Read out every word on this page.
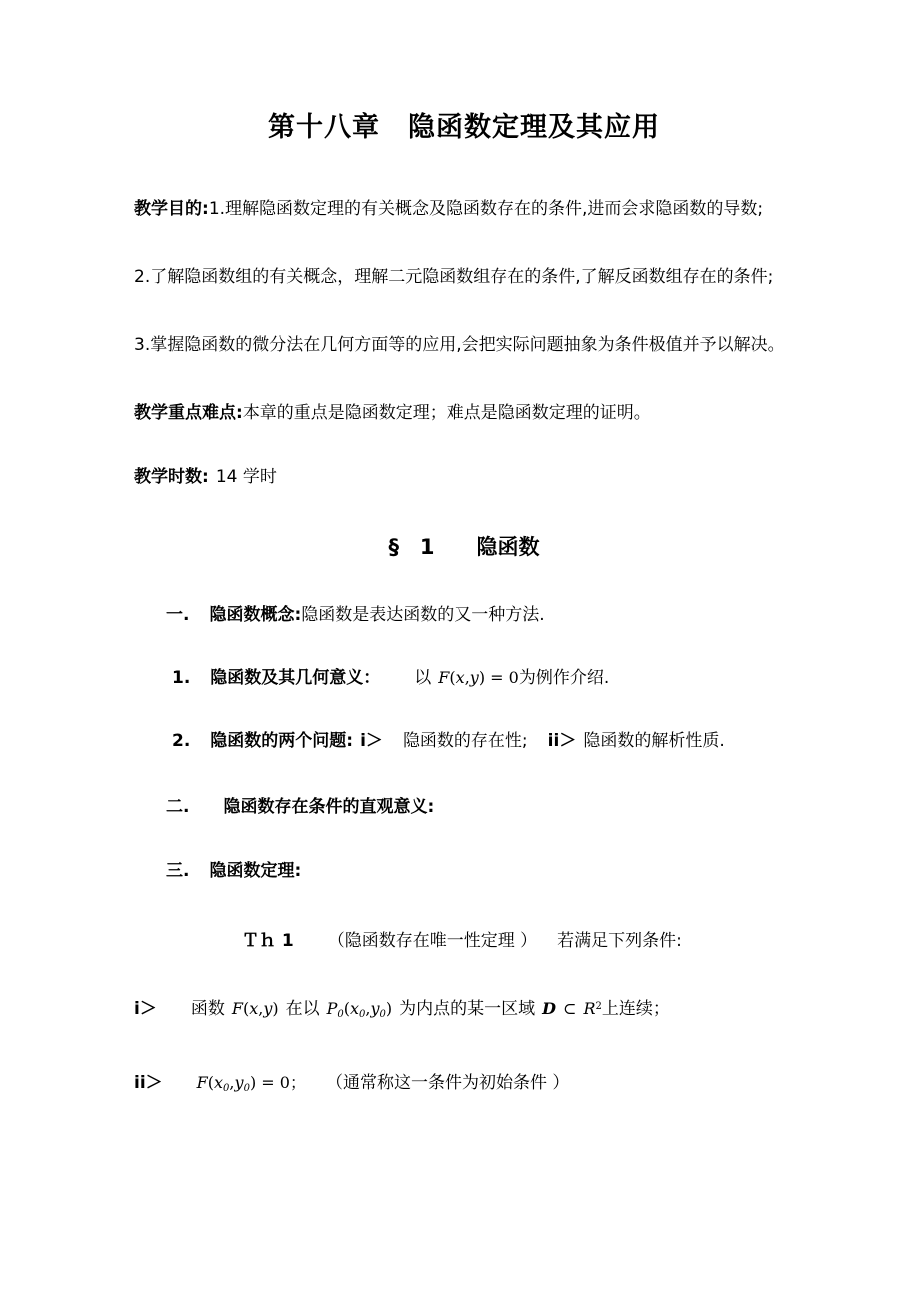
第十八章　隐函数定理及其应用

教学目的:1.理解隐函数定理的有关概念及隐函数存在的条件,进而会求隐函数的导数;

2.了解隐函数组的有关概念，理解二元隐函数组存在的条件,了解反函数组存在的条件;

3.掌握隐函数的微分法在几何方面等的应用,会把实际问题抽象为条件极值并予以解决。

教学重点难点:本章的重点是隐函数定理；难点是隐函数定理的证明。

教学时数: 14 学时

§　1　　隐函数

一. 隐函数概念:隐函数是表达函数的又一种方法.

1. 隐函数及其几何意义： 以 F(x,y) = 0为例作介绍.

2. 隐函数的两个问题: i＞ 隐函数的存在性; ii＞ 隐函数的解析性质.

二. 隐函数存在条件的直观意义:

三. 隐函数定理:

Ｔｈ 1 （隐函数存在唯一性定理 ） 若满足下列条件:

i＞ 函数 F(x,y) 在以 $P_0(x_0,y_0)$ 为内点的某一区域 D ⊂ $R^2$上连续；

$ii> F(x_0,y_0) = 0$； （通常称这一条件为初始条件 ）
